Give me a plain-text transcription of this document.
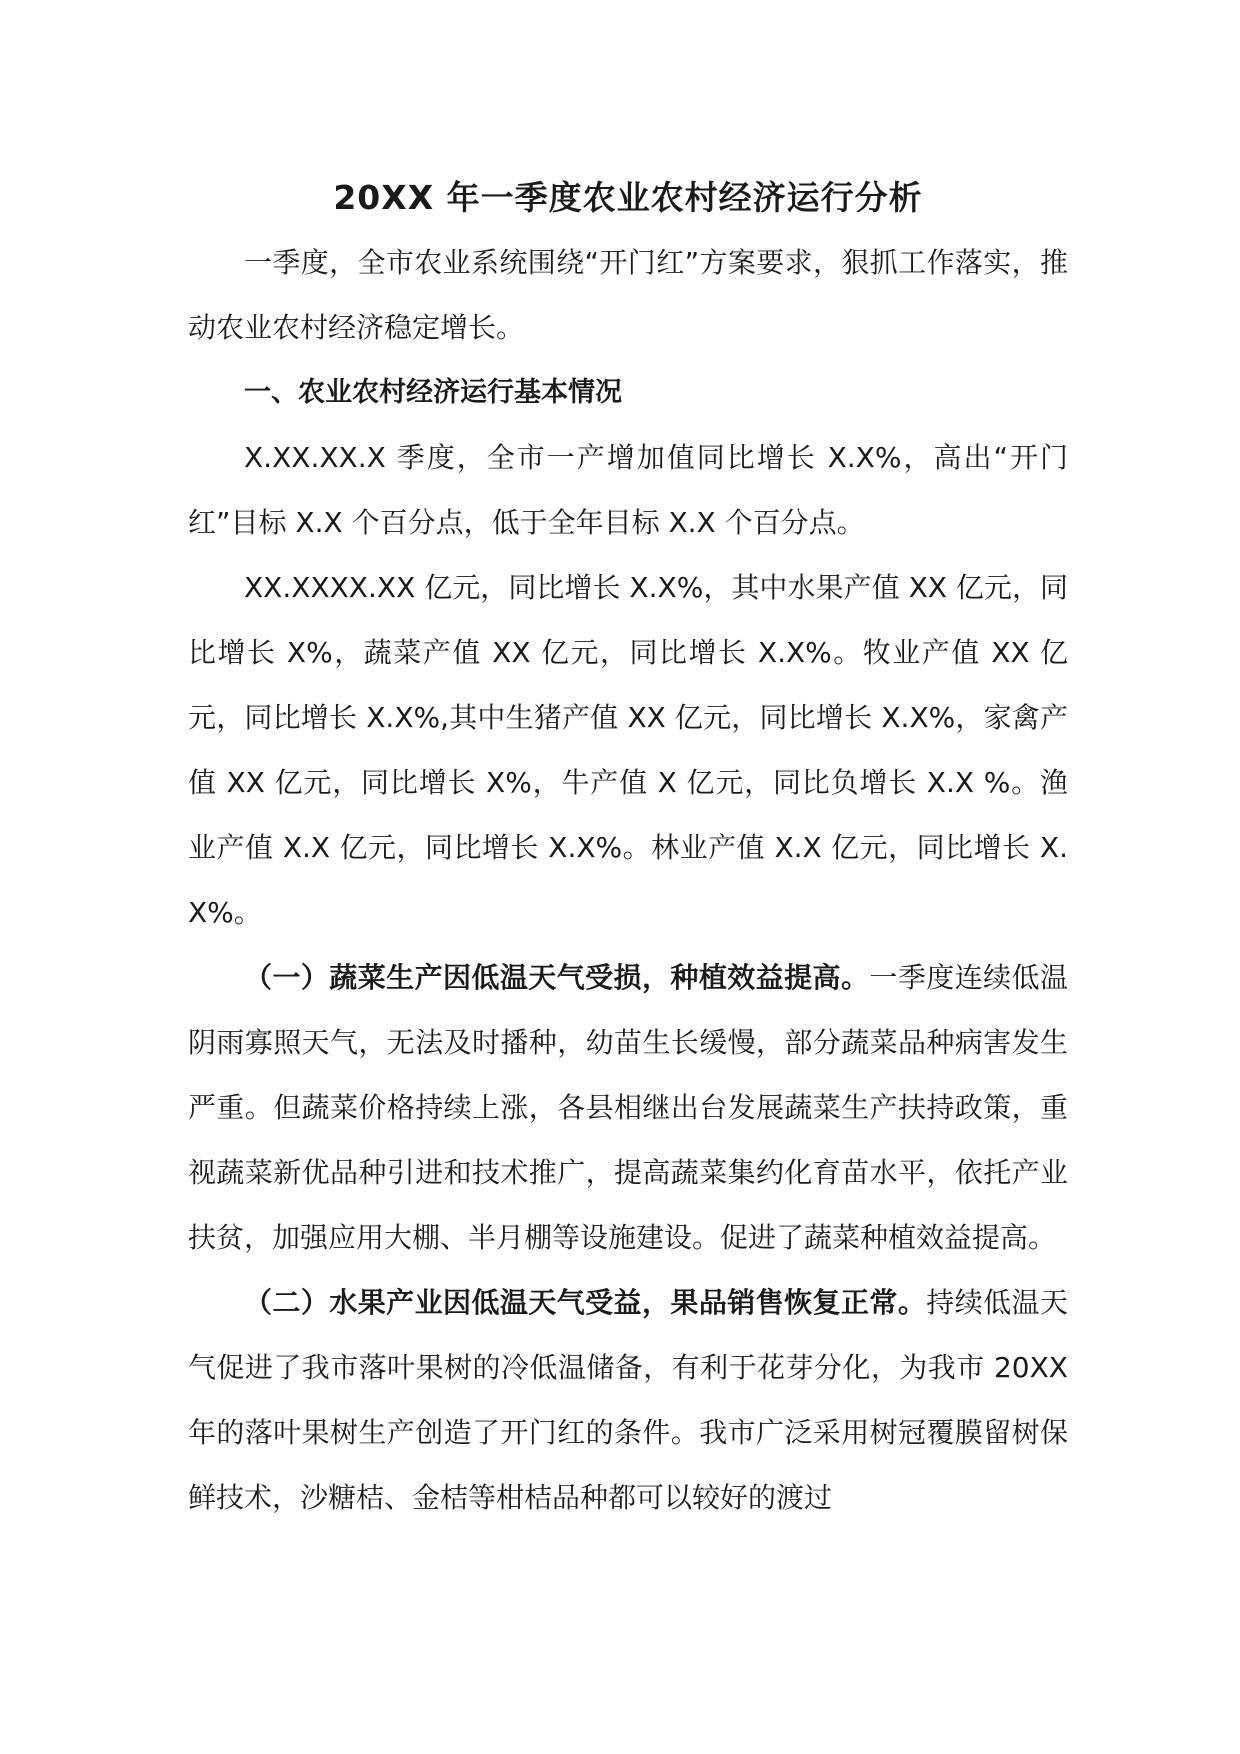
20XX 年一季度农业农村经济运行分析

一季度，全市农业系统围绕“开门红”方案要求，狠抓工作落实，推动农业农村经济稳定增长。

一、农业农村经济运行基本情况

X.XX.XX.X 季度，全市一产增加值同比增长 X.X%，高出“开门红”目标 X.X 个百分点，低于全年目标 X.X 个百分点。

XX.XXXX.XX 亿元，同比增长 X.X%，其中水果产值 XX 亿元，同比增长 X%，蔬菜产值 XX 亿元，同比增长 X.X%。牧业产值 XX 亿元，同比增长 X.X%,其中生猪产值 XX 亿元，同比增长 X.X%，家禽产值 XX 亿元，同比增长 X%，牛产值 X 亿元，同比负增长 X.X %。渔业产值 X.X 亿元，同比增长 X.X%。林业产值 X.X 亿元，同比增长 X.X%。

（一）蔬菜生产因低温天气受损，种植效益提高。一季度连续低温阴雨寡照天气，无法及时播种，幼苗生长缓慢，部分蔬菜品种病害发生严重。但蔬菜价格持续上涨，各县相继出台发展蔬菜生产扶持政策，重视蔬菜新优品种引进和技术推广，提高蔬菜集约化育苗水平，依托产业扶贫，加强应用大棚、半月棚等设施建设。促进了蔬菜种植效益提高。

（二）水果产业因低温天气受益，果品销售恢复正常。持续低温天气促进了我市落叶果树的冷低温储备，有利于花芽分化，为我市 20XX 年的落叶果树生产创造了开门红的条件。我市广泛采用树冠覆膜留树保鲜技术，沙糖桔、金桔等柑桔品种都可以较好的渡过
